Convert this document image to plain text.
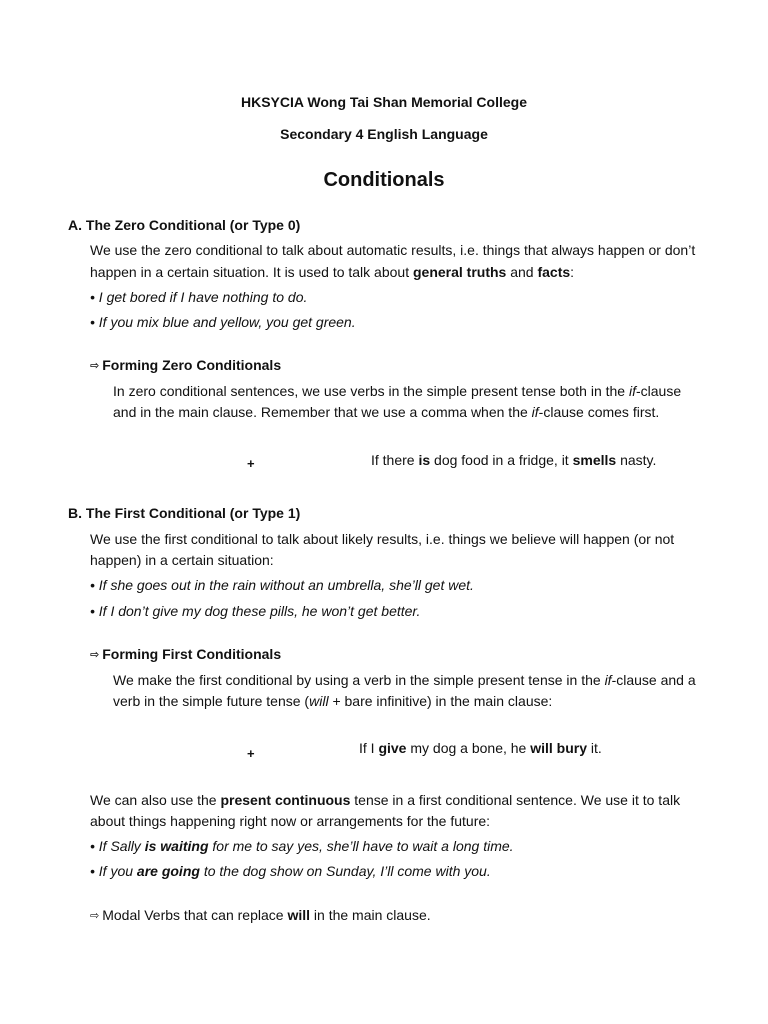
HKSYCIA Wong Tai Shan Memorial College
Secondary 4 English Language
Conditionals
A. The Zero Conditional (or Type 0)
We use the zero conditional to talk about automatic results, i.e. things that always happen or don’t
happen in a certain situation. It is used to talk about general truths and facts:
• I get bored if I have nothing to do.
• If you mix blue and yellow, you get green.
⇨ Forming Zero Conditionals
In zero conditional sentences, we use verbs in the simple present tense both in the if-clause
and in the main clause. Remember that we use a comma when the if-clause comes first.
+	If there is dog food in a fridge, it smells nasty.
B. The First Conditional (or Type 1)
We use the first conditional to talk about likely results, i.e. things we believe will happen (or not
happen) in a certain situation:
• If she goes out in the rain without an umbrella, she’ll get wet.
• If I don’t give my dog these pills, he won’t get better.
⇨ Forming First Conditionals
We make the first conditional by using a verb in the simple present tense in the if-clause and a
verb in the simple future tense (will + bare infinitive) in the main clause:
+	If I give my dog a bone, he will bury it.
We can also use the present continuous tense in a first conditional sentence. We use it to talk
about things happening right now or arrangements for the future:
• If Sally is waiting for me to say yes, she’ll have to wait a long time.
• If you are going to the dog show on Sunday, I’ll come with you.
⇨ Modal Verbs that can replace will in the main clause.
